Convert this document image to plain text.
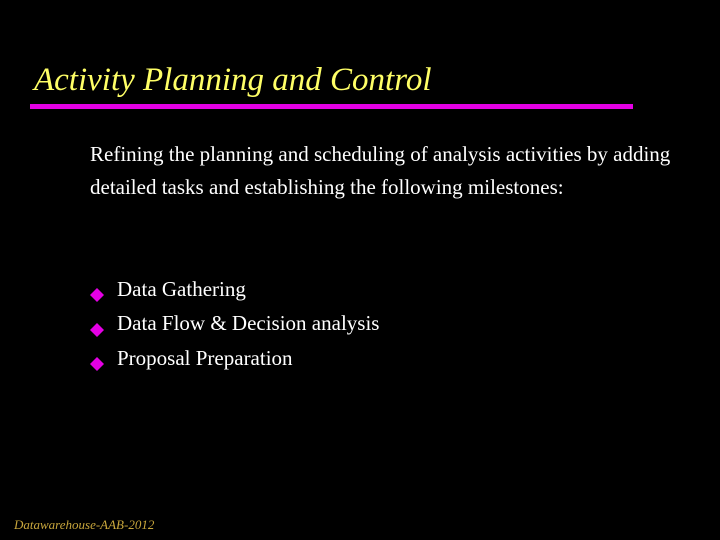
Activity Planning and Control

Refining the planning and scheduling of analysis activities by adding detailed tasks and establishing the following milestones:

Data Gathering
Data Flow & Decision analysis
Proposal Preparation
Datawarehouse-AAB-2012
